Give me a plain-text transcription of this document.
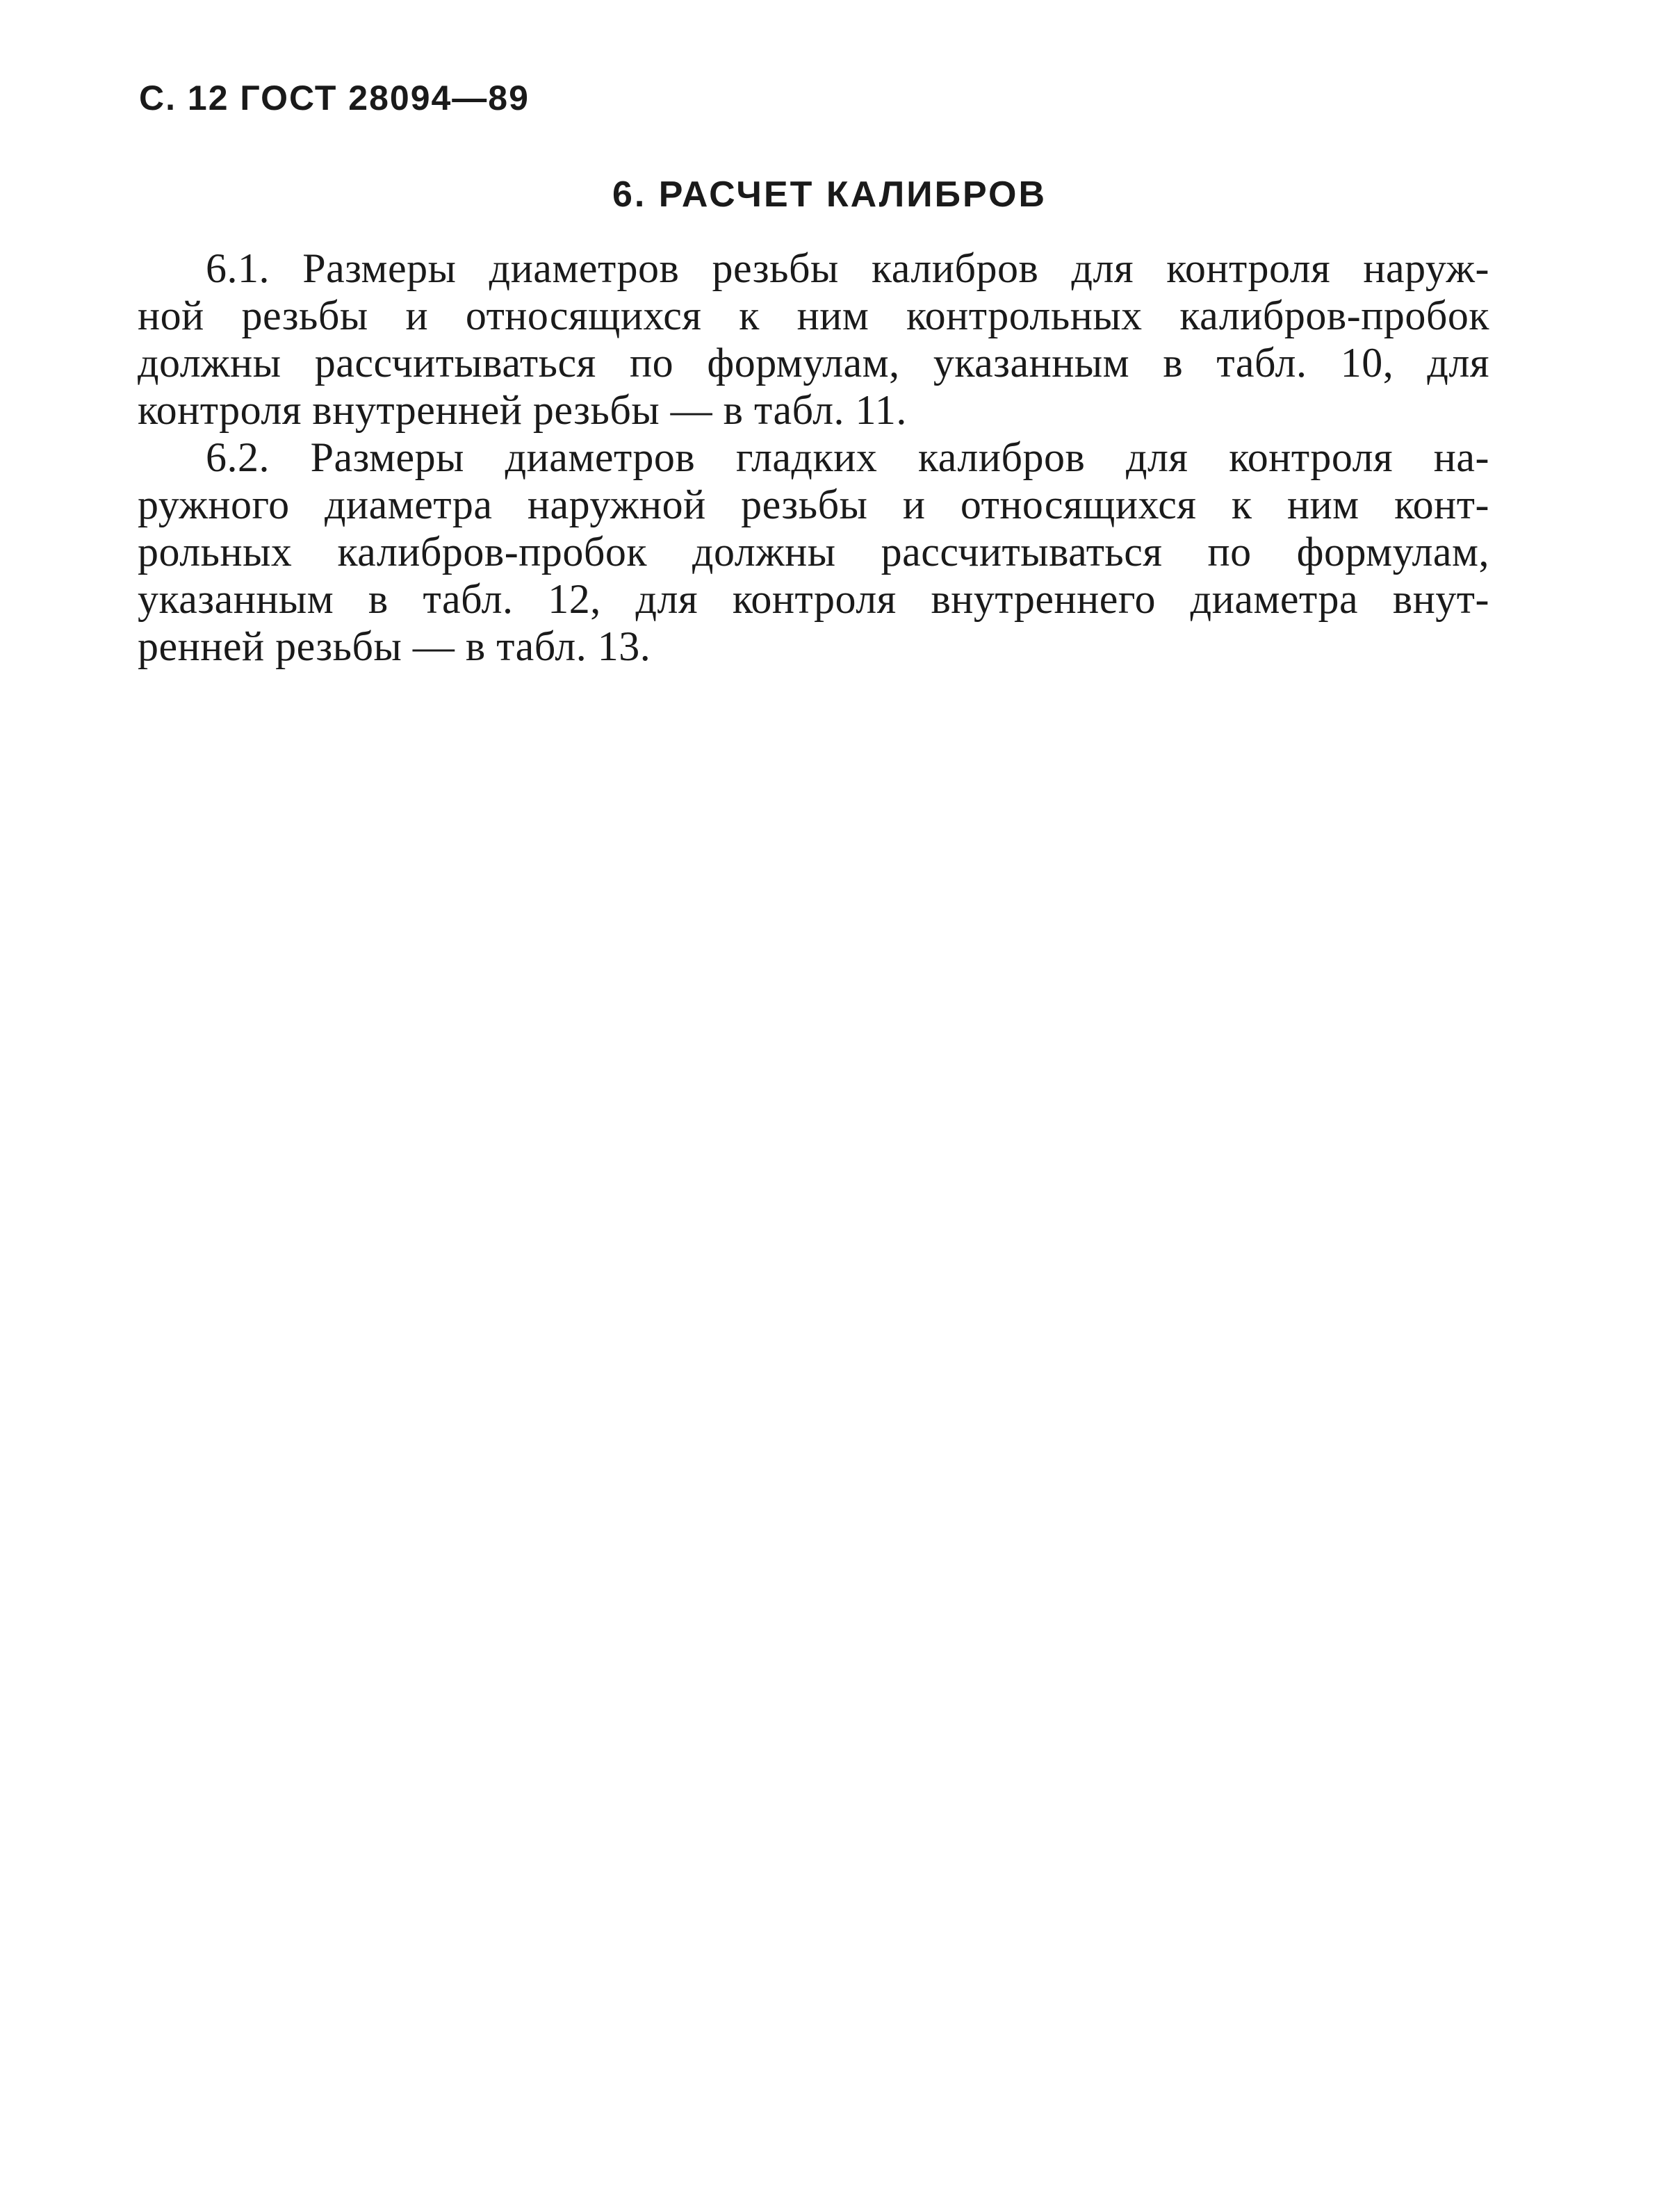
С. 12 ГОСТ 28094—89
6. РАСЧЕТ КАЛИБРОВ
6.1. Размеры диаметров резьбы калибров для контроля наруж-
ной резьбы и относящихся к ним контрольных калибров-пробок
должны рассчитываться по формулам, указанным в табл. 10, для
контроля внутренней резьбы — в табл. 11.
6.2. Размеры диаметров гладких калибров для контроля на-
ружного диаметра наружной резьбы и относящихся к ним конт-
рольных калибров-пробок должны рассчитываться по формулам,
указанным в табл. 12, для контроля внутреннего диаметра внут-
ренней резьбы — в табл. 13.
